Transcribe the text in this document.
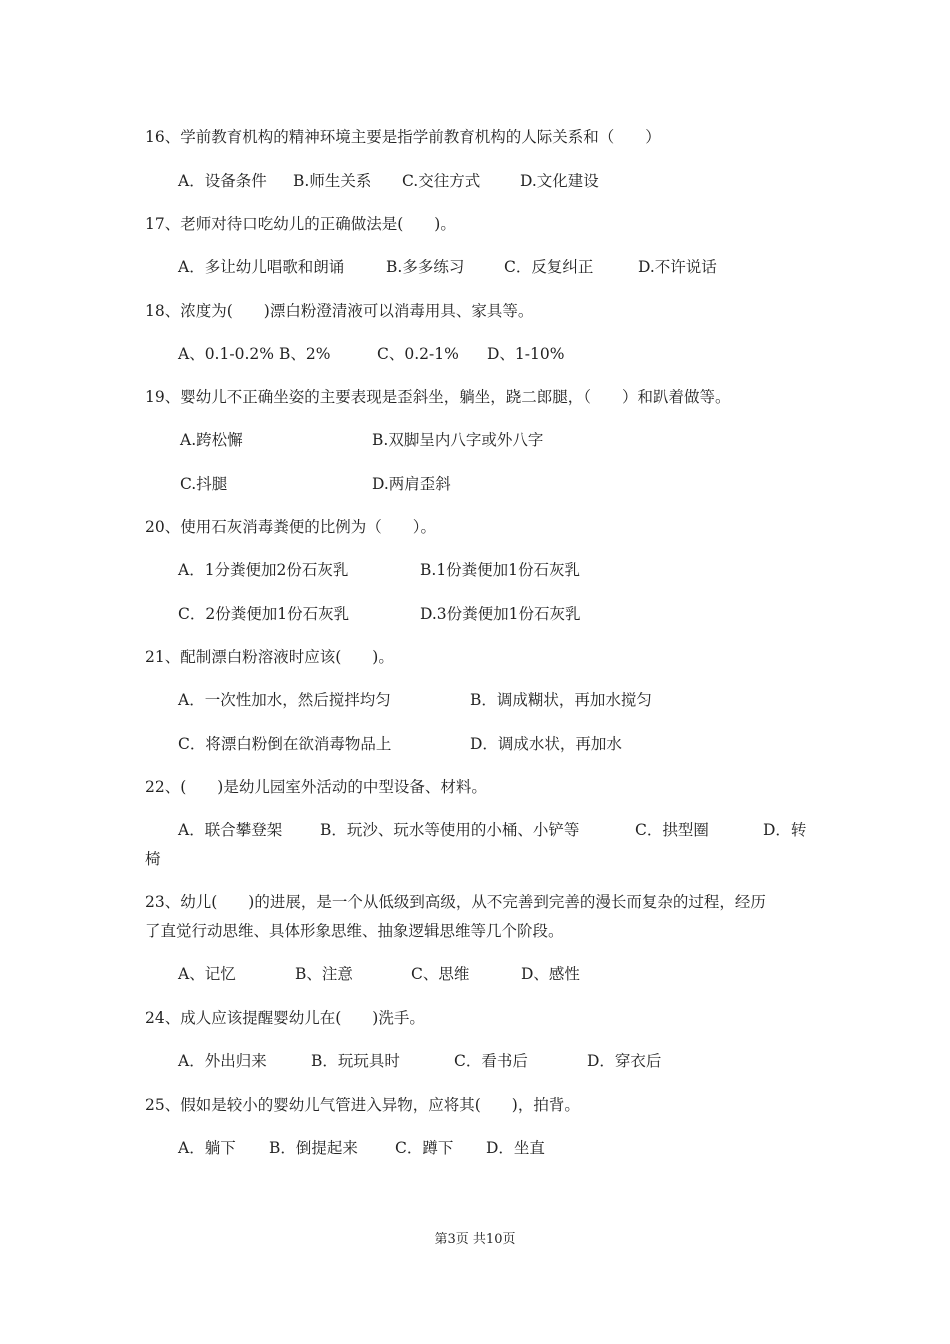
16、学前教育机构的精神环境主要是指学前教育机构的人际关系和（　　）
A．设备条件 B.师生关系 C.交往方式	D.文化建设
17、老师对待口吃幼儿的正确做法是(　　)。
A．多让幼儿唱歌和朗诵	B.多多练习	C．反复纠正	D.不许说话
18、浓度为(　　)漂白粉澄清液可以消毒用具、家具等。
A、0.1-0.2% B、2%	C、0.2-1% D、1-10%
19、婴幼儿不正确坐姿的主要表现是歪斜坐，躺坐，跷二郎腿，（　　）和趴着做等。
A.跨松懈	B.双脚呈内八字或外八字
C.抖腿	D.两肩歪斜
20、使用石灰消毒粪便的比例为（　　）。
A．1分粪便加2份石灰乳	B.1份粪便加1份石灰乳
C．2份粪便加1份石灰乳	D.3份粪便加1份石灰乳
21、配制漂白粉溶液时应该(　　)。
A．一次性加水，然后搅拌均匀	B．调成糊状，再加水搅匀
C．将漂白粉倒在欲消毒物品上	D．调成水状，再加水
22、(　　)是幼儿园室外活动的中型设备、材料。
A．联合攀登架 B．玩沙、玩水等使用的小桶、小铲等	C．拱型圈	D．转
椅
23、幼儿(　　)的进展，是一个从低级到高级，从不完善到完善的漫长而复杂的过程，经历
了直觉行动思维、具体形象思维、抽象逻辑思维等几个阶段。
A、记忆	B、注意	C、思维	D、感性
24、成人应该提醒婴幼儿在(　　)洗手。
A．外出归来	B．玩玩具时	C．看书后	D．穿衣后
25、假如是较小的婴幼儿气管进入异物，应将其(　　)，拍背。
A．躺下 B．倒提起来 C．蹲下 D．坐直
第3页 共10页
